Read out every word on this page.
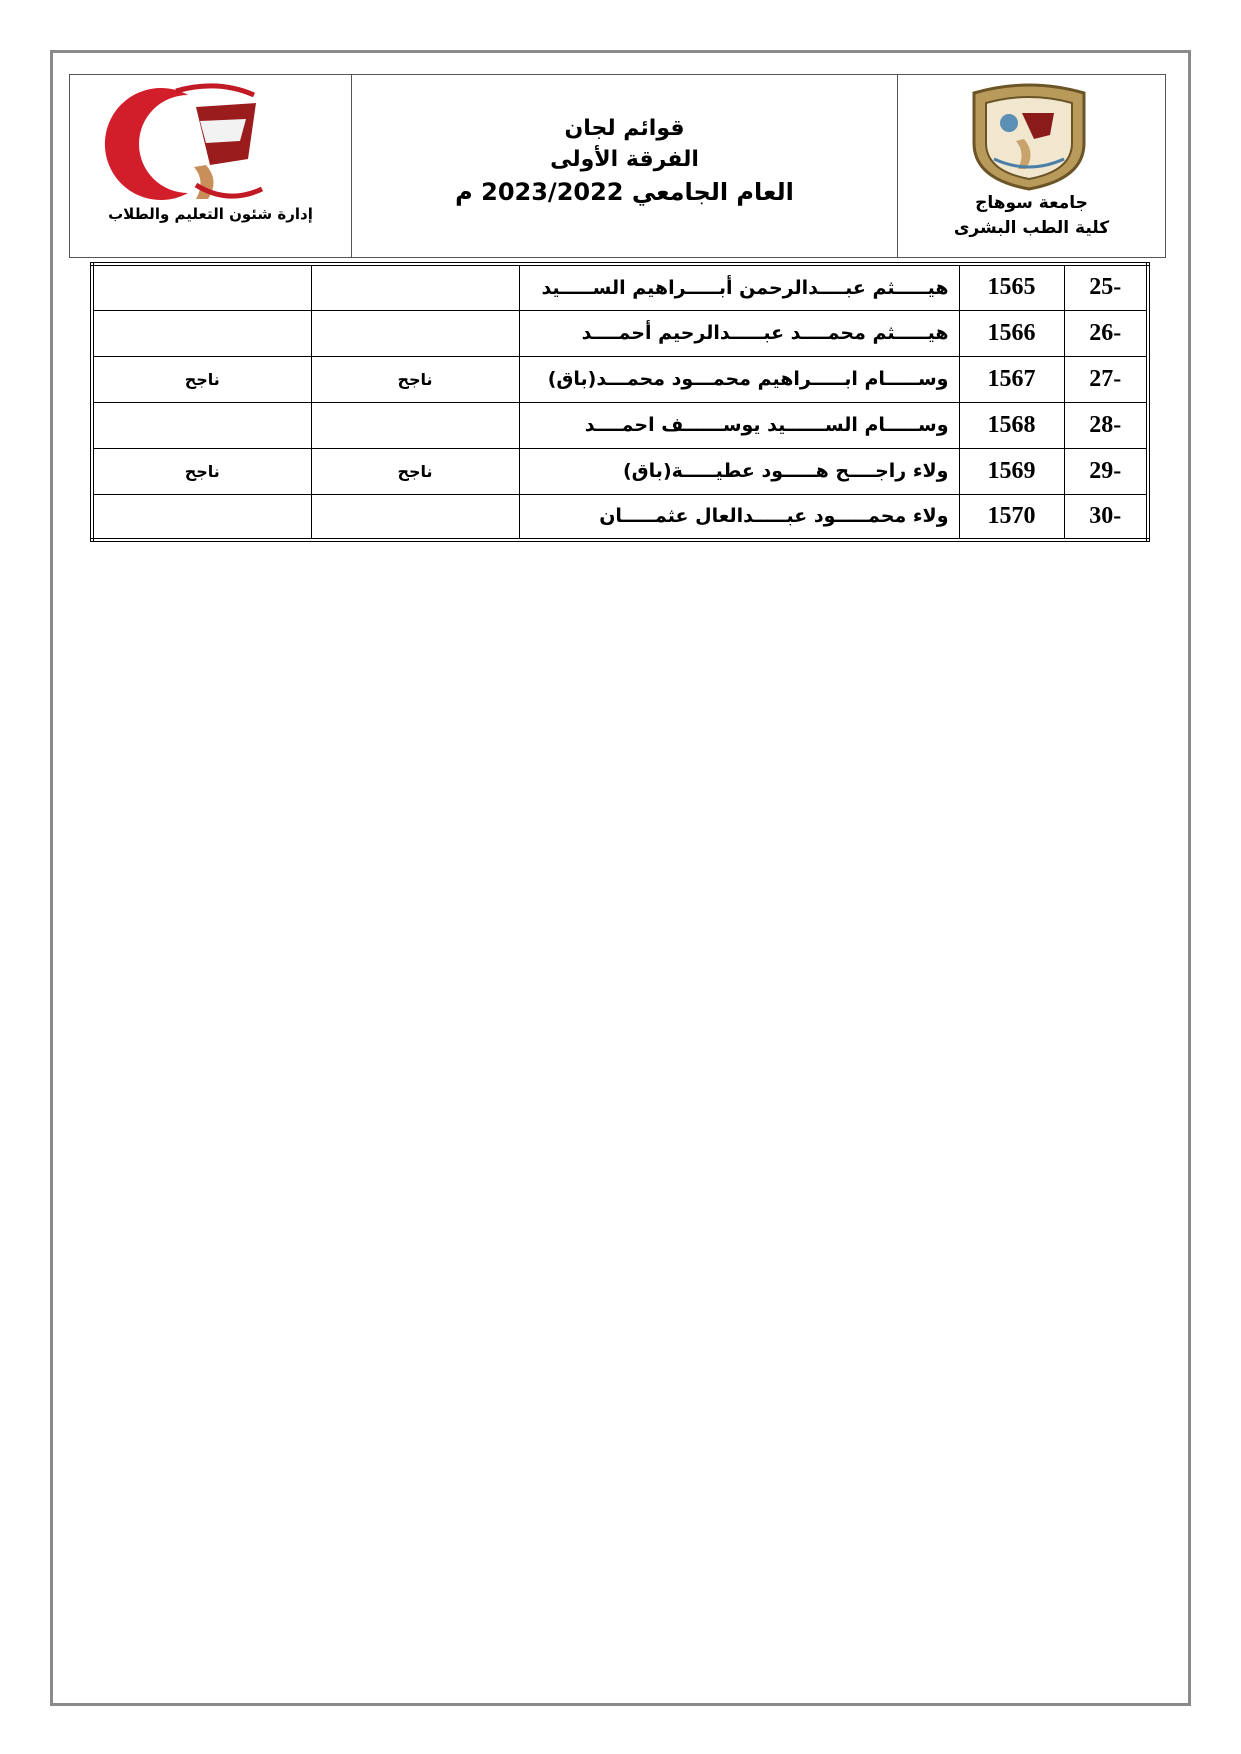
جامعة سوهاج
كلية الطب البشرى
قوائم لجان
الفرقة الأولى
العام الجامعي 2023/2022 م
إدارة شئون التعليم والطلاب
-25	1565	هيـــــثم عبــــدالرحمن أبـــــراهيم الســـــيد		
-26	1566	هيـــــثم محمــــد عبـــــدالرحيم أحمــــد		
-27	1567	وســـــام ابـــــراهيم محمـــود محمـــد(باق)	ناجح	ناجح
-28	1568	وســـــام الســــــيد يوســــــف احمــــد		
-29	1569	ولاء راجــــح هـــــود عطيـــــة(باق)	ناجح	ناجح
-30	1570	ولاء محمـــــود عبـــــدالعال عثمـــــان		
